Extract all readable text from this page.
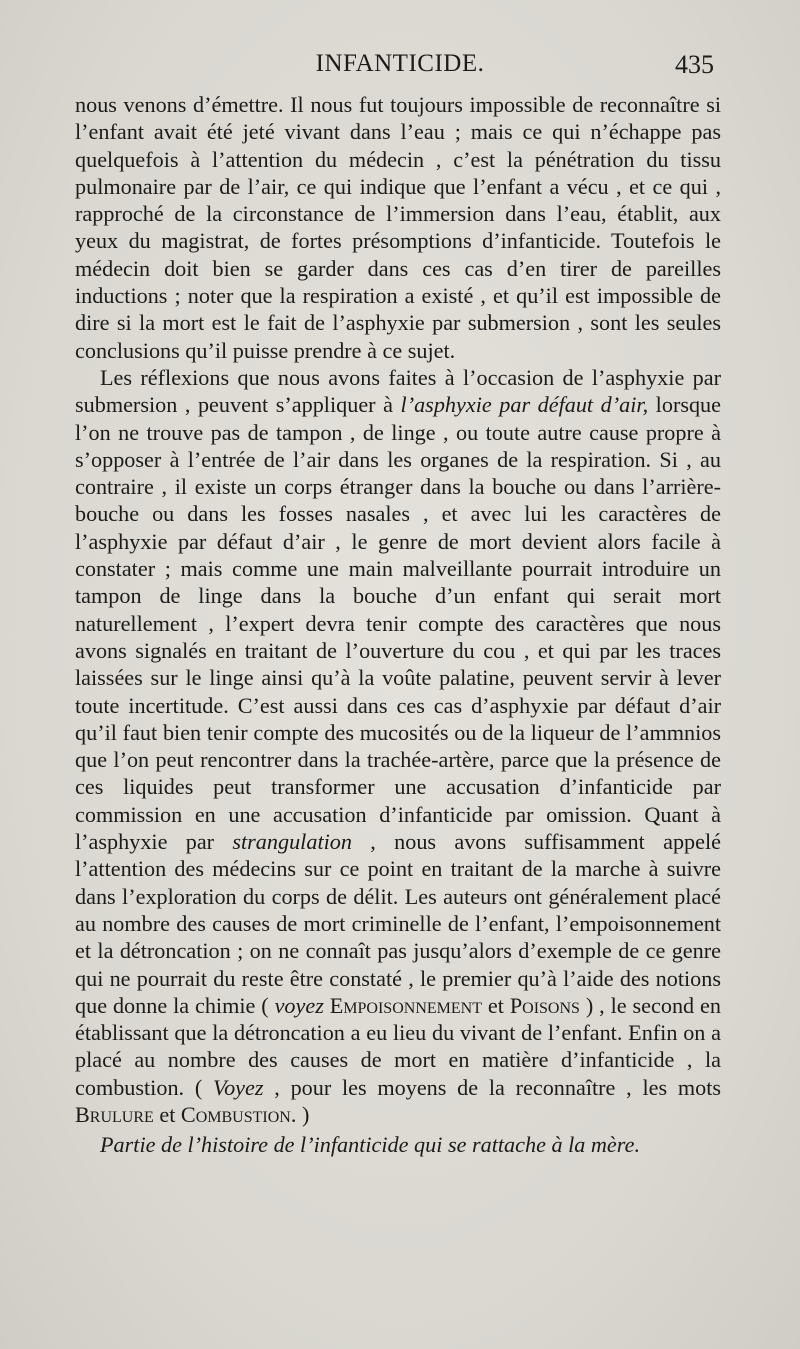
INFANTICIDE.	435

nous venons d’émettre. Il nous fut toujours impossible de reconnaître si l’enfant avait été jeté vivant dans l’eau ; mais ce qui n’échappe pas quelquefois à l’attention du médecin , c’est la pénétration du tissu pulmonaire par de l’air, ce qui indique que l’enfant a vécu , et ce qui , rapproché de la circonstance de l’immersion dans l’eau, établit, aux yeux du magistrat, de fortes présomptions d’infanticide. Toutefois le médecin doit bien se garder dans ces cas d’en tirer de pareilles inductions ; noter que la respiration a existé , et qu’il est impossible de dire si la mort est le fait de l’asphyxie par submersion , sont les seules conclusions qu’il puisse prendre à ce sujet.

Les réflexions que nous avons faites à l’occasion de l’asphyxie par submersion , peuvent s’appliquer à l’asphyxie par défaut d’air, lorsque l’on ne trouve pas de tampon , de linge , ou toute autre cause propre à s’opposer à l’entrée de l’air dans les organes de la respiration. Si , au contraire , il existe un corps étranger dans la bouche ou dans l’arrière-bouche ou dans les fosses nasales , et avec lui les caractères de l’asphyxie par défaut d’air , le genre de mort devient alors facile à constater ; mais comme une main malveillante pourrait introduire un tampon de linge dans la bouche d’un enfant qui serait mort naturellement , l’expert devra tenir compte des caractères que nous avons signalés en traitant de l’ouverture du cou , et qui par les traces laissées sur le linge ainsi qu’à la voûte palatine, peuvent servir à lever toute incertitude. C’est aussi dans ces cas d’asphyxie par défaut d’air qu’il faut bien tenir compte des mucosités ou de la liqueur de l’ammnios que l’on peut rencontrer dans la trachée-artère, parce que la présence de ces liquides peut transformer une accusation d’infanticide par commission en une accusation d’infanticide par omission. Quant à l’asphyxie par strangulation , nous avons suffisamment appelé l’attention des médecins sur ce point en traitant de la marche à suivre dans l’exploration du corps de délit. Les auteurs ont généralement placé au nombre des causes de mort criminelle de l’enfant, l’empoisonnement et la détroncation ; on ne connaît pas jusqu’alors d’exemple de ce genre qui ne pourrait du reste être constaté , le premier qu’à l’aide des notions que donne la chimie ( voyez Empoisonnement et Poisons ) , le second en établissant que la détroncation a eu lieu du vivant de l’enfant. Enfin on a placé au nombre des causes de mort en matière d’infanticide , la combustion. ( Voyez , pour les moyens de la reconnaître , les mots Brulure et Combustion. )

Partie de l’histoire de l’infanticide qui se rattache à la mère.
